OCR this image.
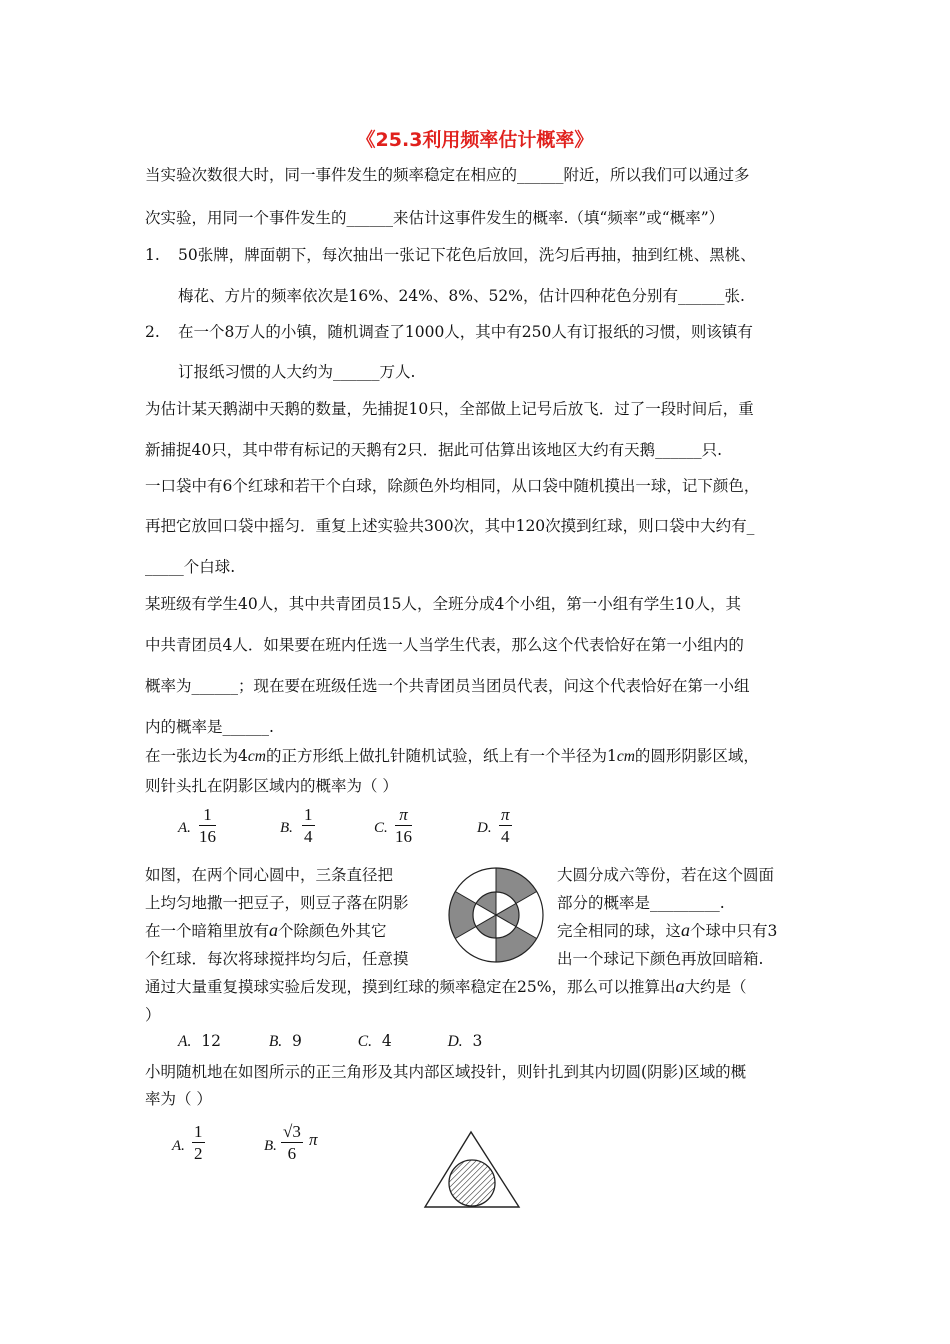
《25.3利用频率估计概率》
当实验次数很大时，同一事件发生的频率稳定在相应的______附近，所以我们可以通过多
次实验，用同一个事件发生的______来估计这事件发生的概率.（填“频率”或“概率”）
1. 50张牌，牌面朝下，每次抽出一张记下花色后放回，洗匀后再抽，抽到红桃、黑桃、
梅花、方片的频率依次是16%、24%、8%、52%，估计四种花色分别有______张.
2. 在一个8万人的小镇，随机调查了1000人，其中有250人有订报纸的习惯，则该镇有
订报纸习惯的人大约为______万人.
为估计某天鹅湖中天鹅的数量，先捕捉10只，全部做上记号后放飞．过了一段时间后，重
新捕捉40只，其中带有标记的天鹅有2只．据此可估算出该地区大约有天鹅______只.
一口袋中有6个红球和若干个白球，除颜色外均相同，从口袋中随机摸出一球，记下颜色，
再把它放回口袋中摇匀．重复上述实验共300次，其中120次摸到红球，则口袋中大约有_
_____个白球.
某班级有学生40人，其中共青团员15人，全班分成4个小组，第一小组有学生10人，其
中共青团员4人．如果要在班内任选一人当学生代表，那么这个代表恰好在第一小组内的
概率为______；现在要在班级任选一个共青团员当团员代表，问这个代表恰好在第一小组
内的概率是______.
在一张边长为4cm的正方形纸上做扎针随机试验，纸上有一个半径为1cm的圆形阴影区域，
则针头扎在阴影区域内的概率为（ ）
A. $\frac{1}{16}$	B. $\frac{1}{4}$	C. $\frac{\pi}{16}$	D. $\frac{\pi}{4}$
如图，在两个同心圆中，三条直径把	大圆分成六等份，若在这个圆面
上均匀地撒一把豆子，则豆子落在阴影	部分的概率是_________.
在一个暗箱里放有a个除颜色外其它	完全相同的球，这a个球中只有3
个红球．每次将球搅拌均匀后，任意摸	出一个球记下颜色再放回暗箱.
通过大量重复摸球实验后发现，摸到红球的频率稳定在25%，那么可以推算出a大约是（
）
A. 12	B. 9	C. 4	D. 3
小明随机地在如图所示的正三角形及其内部区域投针，则针扎到其内切圆(阴影)区域的概
率为（ ）
A. $\frac{1}{2}$	B. $\frac{√3}{6}$ π
